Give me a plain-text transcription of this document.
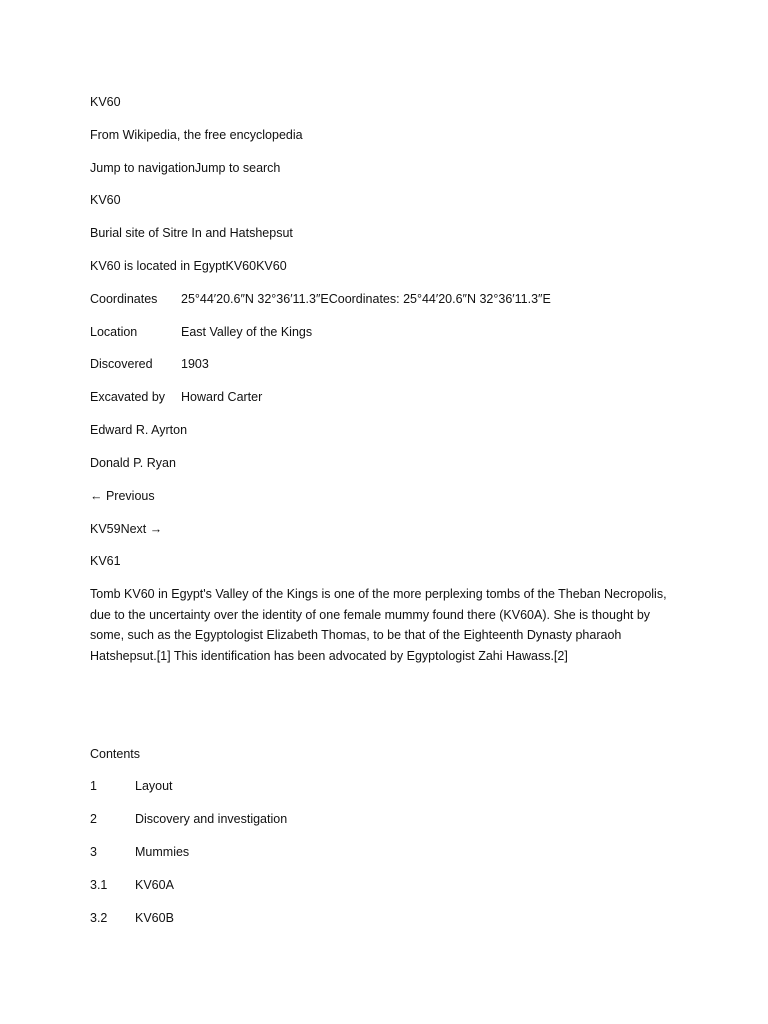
KV60
From Wikipedia, the free encyclopedia
Jump to navigationJump to search
KV60
Burial site of Sitre In and Hatshepsut
KV60 is located in EgyptKV60KV60
Coordinates 25°44′20.6″N 32°36′11.3″ECoordinates: 25°44′20.6″N 32°36′11.3″E
Location	East Valley of the Kings
Discovered 1903
Excavated by Howard Carter
Edward R. Ayrton
Donald P. Ryan
← Previous
KV59Next →
KV61

Tomb KV60 in Egypt's Valley of the Kings is one of the more perplexing tombs of the Theban Necropolis, due to the uncertainty over the identity of one female mummy found there (KV60A). She is thought by some, such as the Egyptologist Elizabeth Thomas, to be that of the Eighteenth Dynasty pharaoh Hatshepsut.[1] This identification has been advocated by Egyptologist Zahi Hawass.[2]

Contents
1	Layout
2	Discovery and investigation
3	Mummies
3.1 KV60A
3.2 KV60B
